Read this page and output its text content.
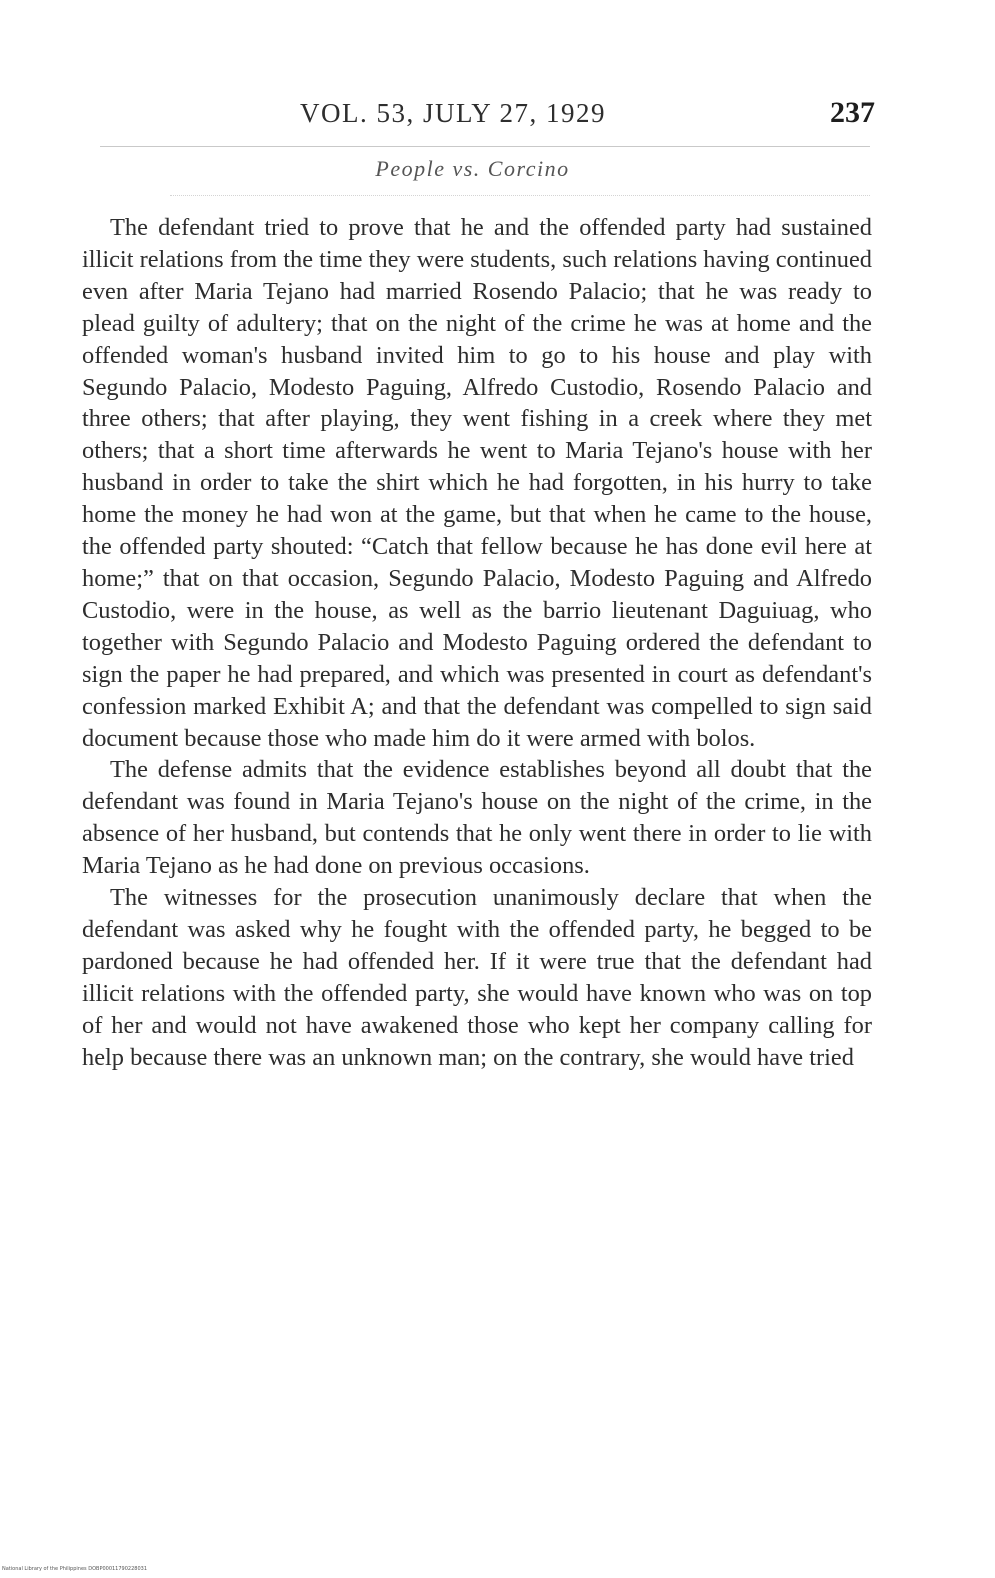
VOL. 53, JULY 27, 1929	237
People vs. Corcino

The defendant tried to prove that he and the offended party had sustained illicit relations from the time they were students, such relations having continued even after Maria Tejano had married Rosendo Palacio; that he was ready to plead guilty of adultery; that on the night of the crime he was at home and the offended woman's husband invited him to go to his house and play with Segundo Palacio, Modesto Paguing, Alfredo Custodio, Rosendo Palacio and three others; that after playing, they went fishing in a creek where they met others; that a short time afterwards he went to Maria Tejano's house with her husband in order to take the shirt which he had forgotten, in his hurry to take home the money he had won at the game, but that when he came to the house, the offended party shouted: “Catch that fellow because he has done evil here at home;” that on that occasion, Segundo Palacio, Modesto Paguing and Alfredo Custodio, were in the house, as well as the barrio lieutenant Daguiuag, who together with Segundo Palacio and Modesto Paguing ordered the defendant to sign the paper he had prepared, and which was presented in court as defendant's confession marked Exhibit A; and that the defendant was compelled to sign said document because those who made him do it were armed with bolos.

The defense admits that the evidence establishes beyond all doubt that the defendant was found in Maria Tejano's house on the night of the crime, in the absence of her husband, but contends that he only went there in order to lie with Maria Tejano as he had done on previous occasions.

The witnesses for the prosecution unanimously declare that when the defendant was asked why he fought with the offended party, he begged to be pardoned because he had offended her. If it were true that the defendant had illicit relations with the offended party, she would have known who was on top of her and would not have awakened those who kept her company calling for help because there was an unknown man; on the contrary, she would have tried

National Library of the Philippines DOBP00011790228031
